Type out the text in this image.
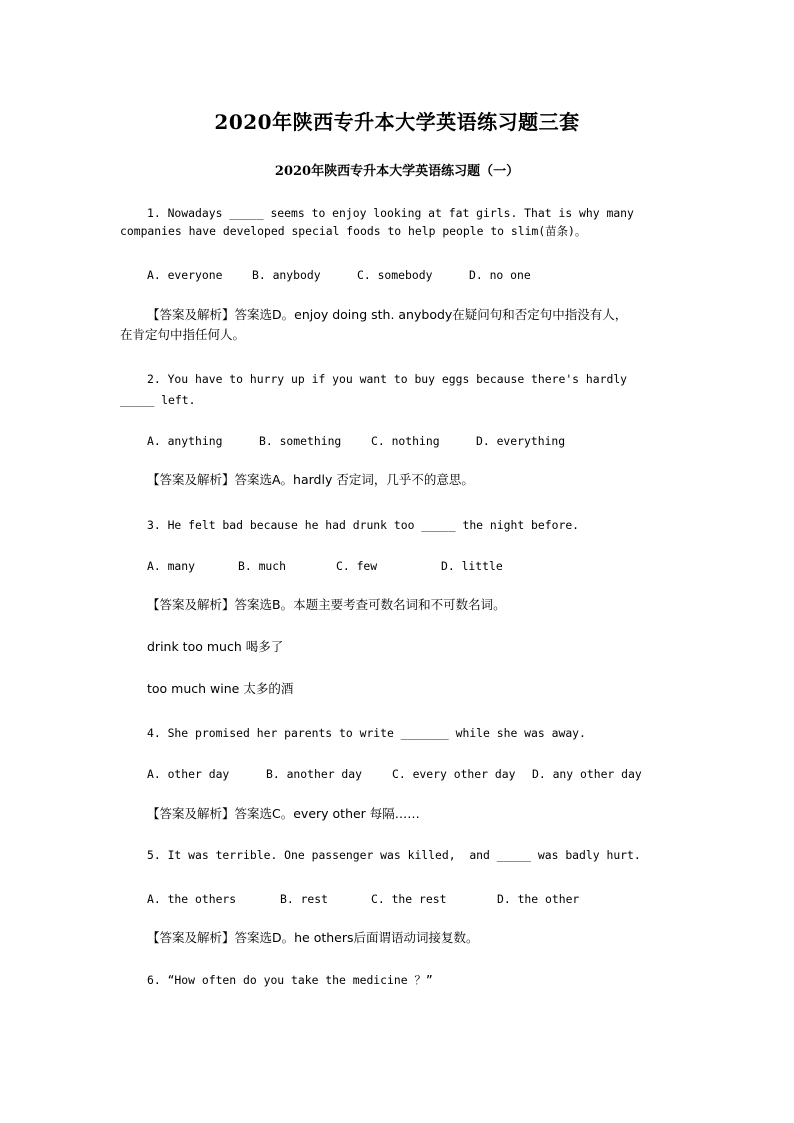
2020年陕西专升本大学英语练习题三套
2020年陕西专升本大学英语练习题（一）
1. Nowadays _____ seems to enjoy looking at fat girls. That is why many
companies have developed special foods to help people to slim(苗条)。
A. everyone	B. anybody	C. somebody	D. no one
【答案及解析】答案选D。enjoy doing sth. anybody在疑问句和否定句中指没有人，
在肯定句中指任何人。
2. You have to hurry up if you want to buy eggs because there's hardly
_____ left.
A. anything	B. something	C. nothing	D. everything
【答案及解析】答案选A。hardly 否定词，几乎不的意思。
3. He felt bad because he had drunk too _____ the night before.
A. many	B. much	C. few	D. little
【答案及解析】答案选B。本题主要考查可数名词和不可数名词。
drink too much 喝多了
too much wine 太多的酒
4. She promised her parents to write _______ while she was away.
A. other day	B. another day	C. every other day	D. any other day
【答案及解析】答案选C。every other 每隔……
5. It was terrible. One passenger was killed,  and _____ was badly hurt.
A. the others	B. rest	C. the rest	D. the other
【答案及解析】答案选D。he others后面谓语动词接复数。
6. “How often do you take the medicine ？”
